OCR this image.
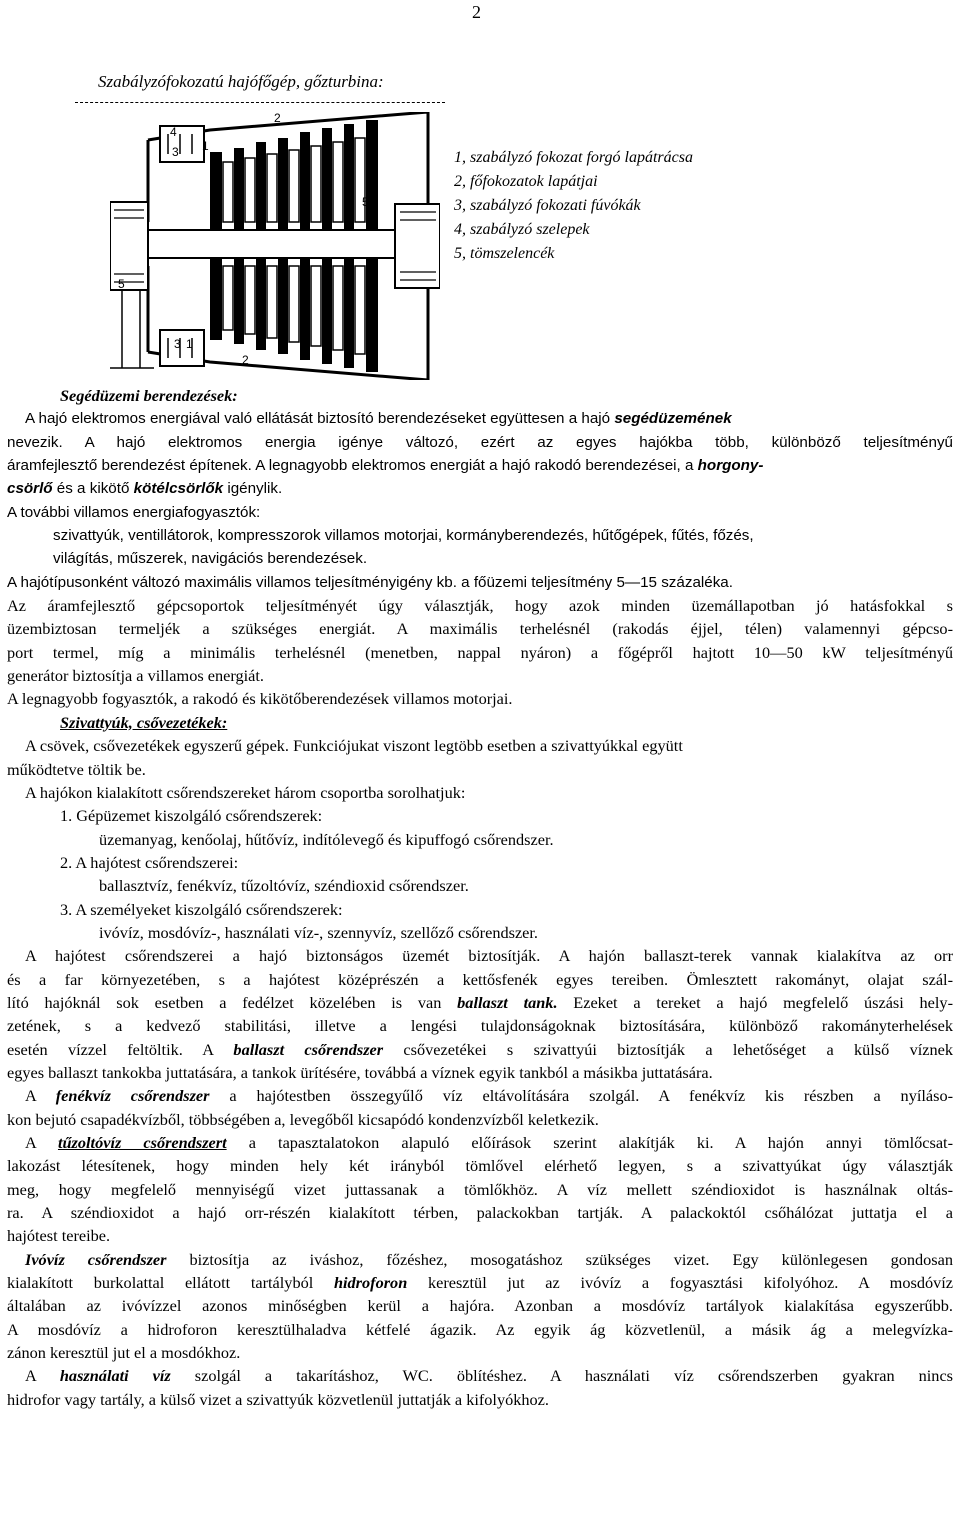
2
Szabályzófokozatú hajófőgép, gőzturbina:
4
3 1
2
5
5
3 1
2
1, szabályzó fokozat forgó lapátrácsa
2, főfokozatok lapátjai
3, szabályzó fokozati fúvókák
4, szabályzó szelepek
5, tömszelencék

Segédüzemi berendezések:

A hajó elektromos energiával való ellátását biztosító berendezéseket együttesen a hajó segédüzemének

nevezik. A hajó elektromos energia igénye változó, ezért az egyes hajókba több, különböző teljesítményű

áramfejlesztő berendezést építenek. A legnagyobb elektromos energiát a hajó rakodó berendezései, a horgony-

csörlő és a kikötő kötélcsörlők igénylik.

A további villamos energiafogyasztók:

szivattyúk, ventillátorok, kompresszorok villamos motorjai, kormányberendezés, hűtőgépek, fűtés, főzés,

világítás, műszerek, navigációs berendezések.

A hajótípusonként változó maximális villamos teljesítményigény kb. a főüzemi teljesítmény 5—15 százaléka.

Az áramfejlesztő gépcsoportok teljesítményét úgy választják, hogy azok minden üzemállapotban jó hatásfokkal s

üzembiztosan termeljék a szükséges energiát. A maximális terhelésnél (rakodás éjjel, télen) valamennyi gépcso-

port termel, míg a minimális terhelésnél (menetben, nappal nyáron) a főgépről hajtott 10—50 kW teljesítményű

generátor biztosítja a villamos energiát.

A legnagyobb fogyasztók, a rakodó és kikötőberendezések villamos motorjai.

Szivattyúk, csővezetékek:

A csövek, csővezetékek egyszerű gépek. Funkciójukat viszont legtöbb esetben a szivattyúkkal együtt

működtetve töltik be.

A hajókon kialakított csőrendszereket három csoportba sorolhatjuk:

1. Gépüzemet kiszolgáló csőrendszerek:

üzemanyag, kenőolaj, hűtővíz, indítólevegő és kipuffogó csőrendszer.

2. A hajótest csőrendszerei:

ballasztvíz, fenékvíz, tűzoltóvíz, széndioxid csőrendszer.

3. A személyeket kiszolgáló csőrendszerek:

ivóvíz, mosdóvíz-, használati víz-, szennyvíz, szellőző csőrendszer.

A hajótest csőrendszerei a hajó biztonságos üzemét biztosítják. A hajón ballaszt-terek vannak kialakítva az orr

és a far környezetében, s a hajótest középrészén a kettősfenék egyes tereiben. Ömlesztett rakományt, olajat szál-

lító hajóknál sok esetben a fedélzet közelében is van ballaszt tank. Ezeket a tereket a hajó megfelelő úszási hely-

zetének, s a kedvező stabilitási, illetve a lengési tulajdonságoknak biztosítására, különböző rakományterhelések

esetén vízzel feltöltik. A ballaszt csőrendszer csővezetékei s szivattyúi biztosítják a lehetőséget a külső víznek

egyes ballaszt tankokba juttatására, a tankok ürítésére, továbbá a víznek egyik tankból a másikba juttatására.

A fenékvíz csőrendszer a hajótestben összegyűlő víz eltávolítására szolgál. A fenékvíz kis részben a nyíláso-

kon bejutó csapadékvízből, többségében a, levegőből kicsapódó kondenzvízből keletkezik.

A tűzoltóvíz csőrendszert a tapasztalatokon alapuló előírások szerint alakítják ki. A hajón annyi tömlőcsat-

lakozást létesítenek, hogy minden hely két irányból tömlővel elérhető legyen, s a szivattyúkat úgy választják

meg, hogy megfelelő mennyiségű vizet juttassanak a tömlőkhöz. A víz mellett széndioxidot is használnak oltás-

ra. A széndioxidot a hajó orr-részén kialakított térben, palackokban tartják. A palackoktól csőhálózat juttatja el a

hajótest tereibe.

Ivóvíz csőrendszer biztosítja az iváshoz, főzéshez, mosogatáshoz szükséges vizet. Egy különlegesen gondosan

kialakított burkolattal ellátott tartályból hidroforon keresztül jut az ivóvíz a fogyasztási kifolyóhoz. A mosdóvíz

általában az ivóvízzel azonos minőségben kerül a hajóra. Azonban a mosdóvíz tartályok kialakítása egyszerűbb.

A mosdóvíz a hidroforon keresztülhaladva kétfelé ágazik. Az egyik ág közvetlenül, a másik ág a melegvízka-

zánon keresztül jut el a mosdókhoz.

A használati víz szolgál a takarításhoz, WC. öblítéshez. A használati víz csőrendszerben gyakran nincs

hidrofor vagy tartály, a külső vizet a szivattyúk közvetlenül juttatják a kifolyókhoz.
